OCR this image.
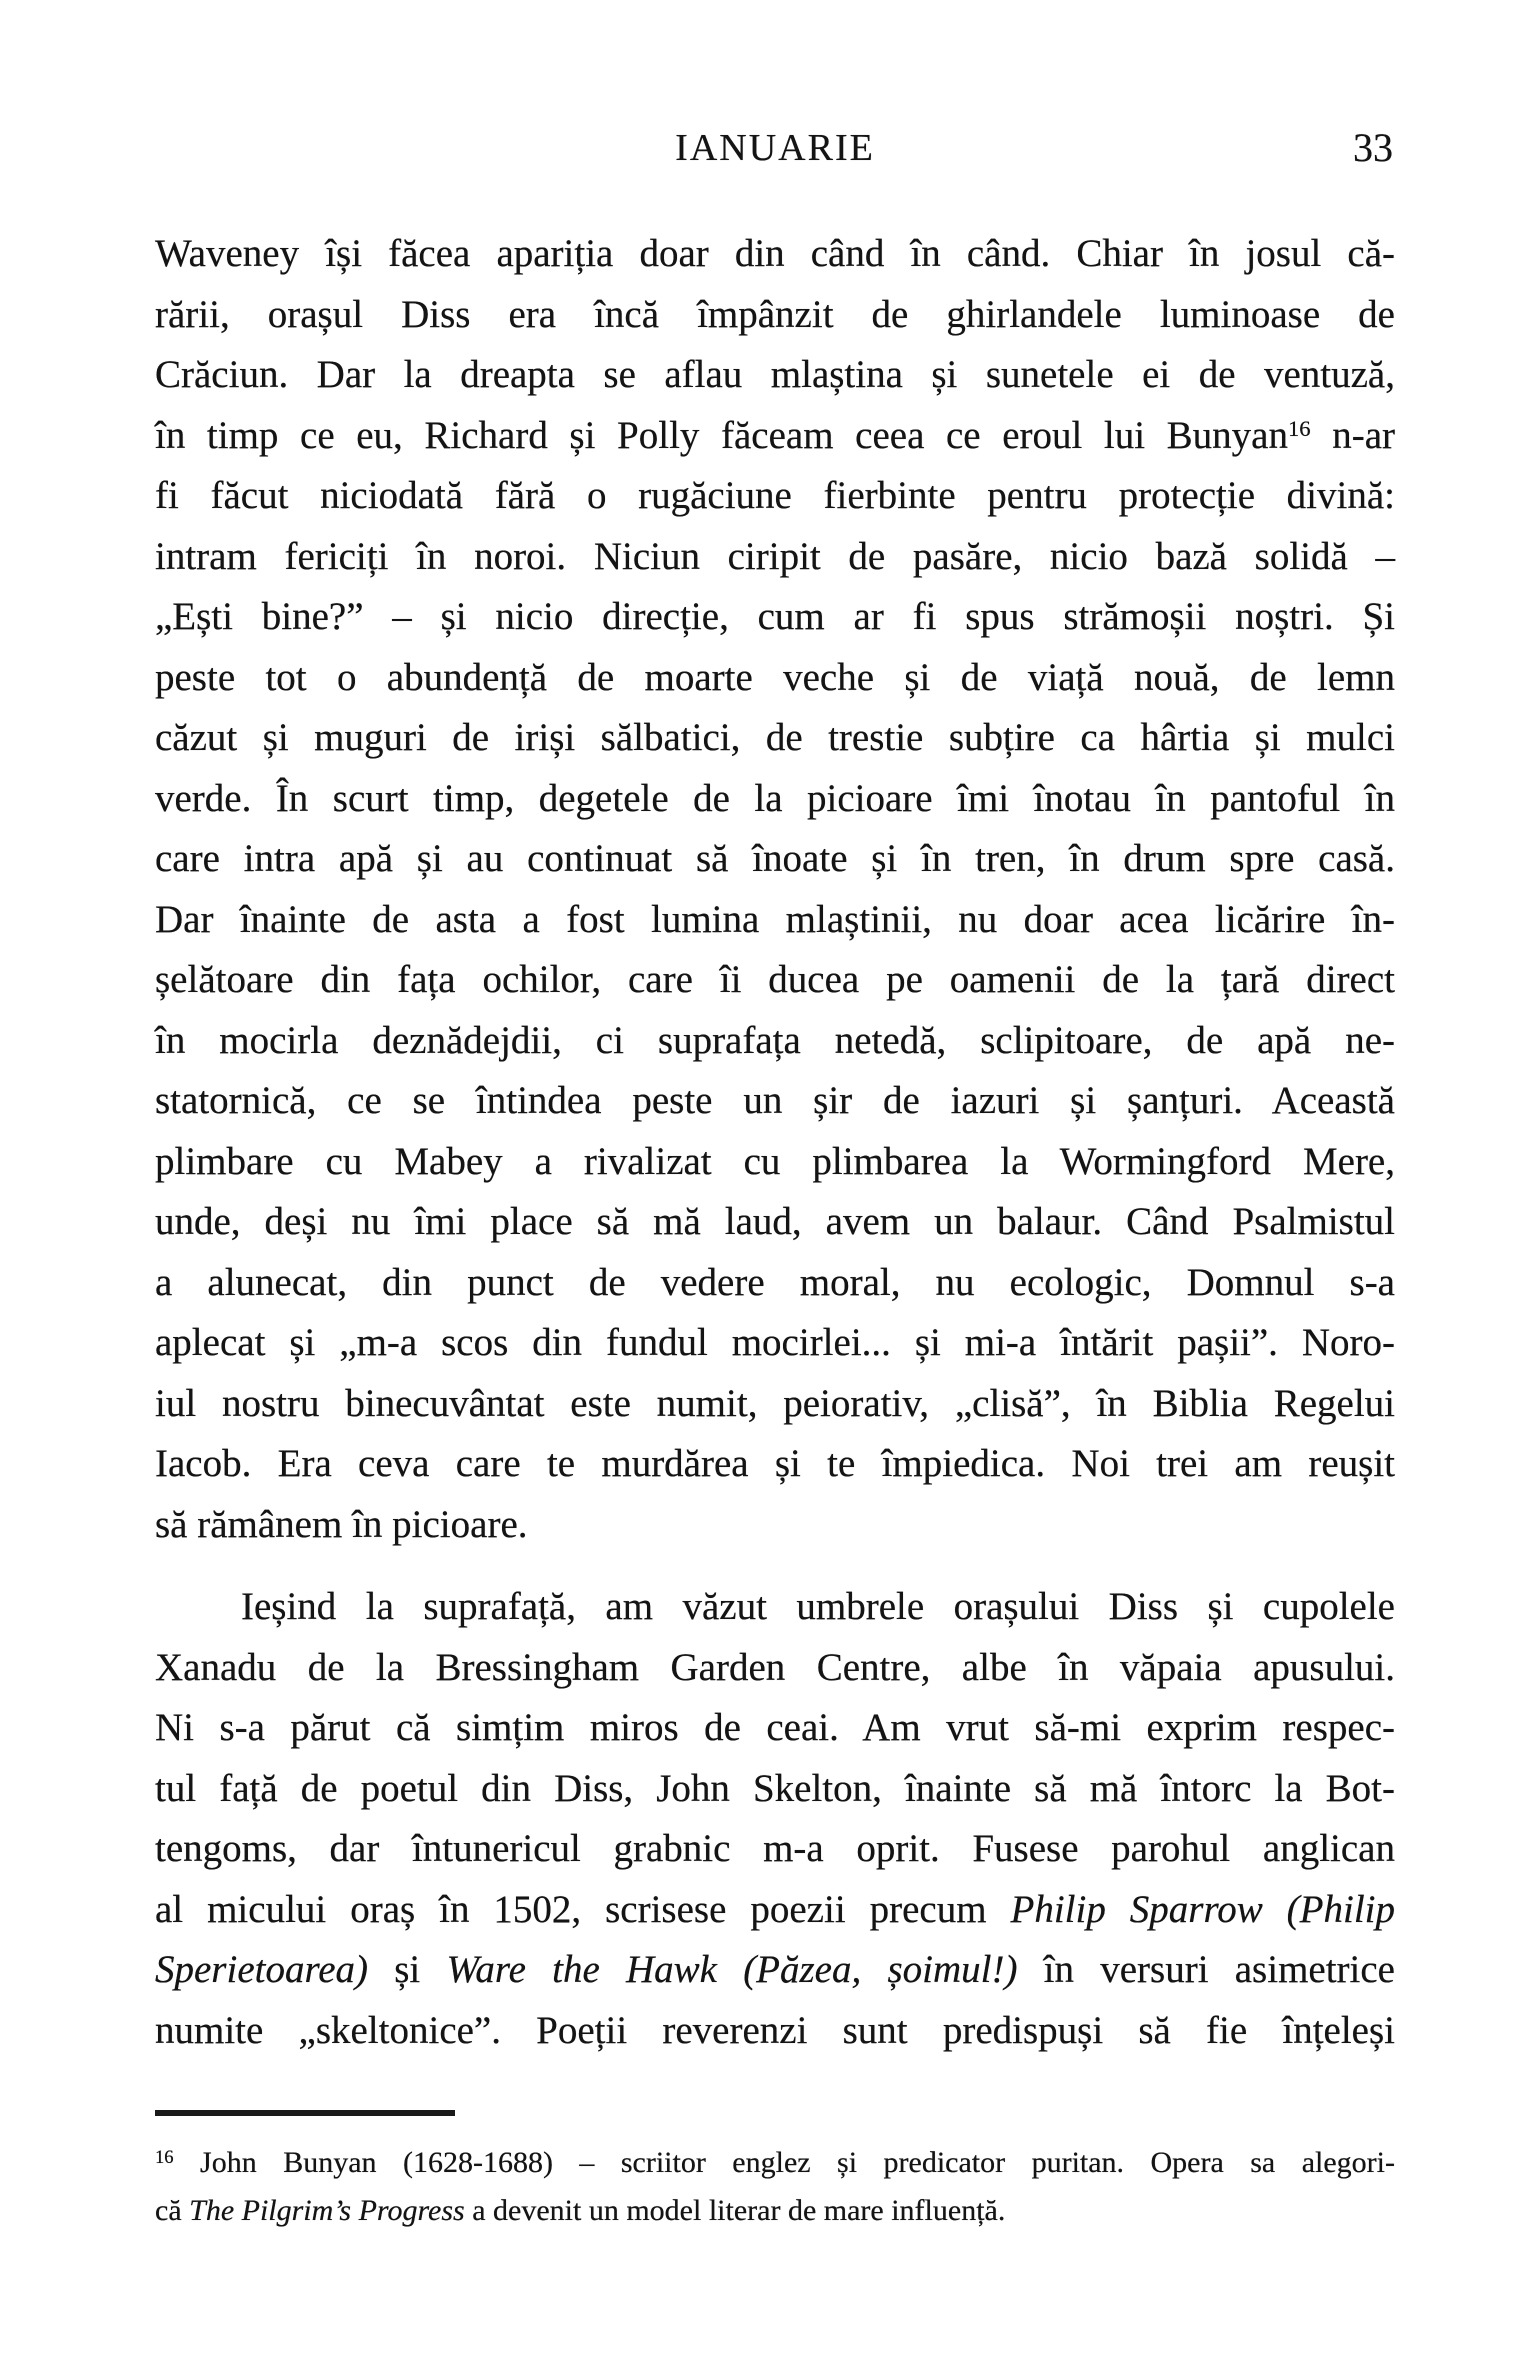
IANUARIE	33
Waveney își făcea apariția doar din când în când. Chiar în josul că-
rării, orașul Diss era încă împânzit de ghirlandele luminoase de
Crăciun. Dar la dreapta se aflau mlaștina și sunetele ei de ventuză,
în timp ce eu, Richard și Polly făceam ceea ce eroul lui Bunyan$^{16}$ n-ar
fi făcut niciodată fără o rugăciune fierbinte pentru protecție divină:
intram fericiți în noroi. Niciun ciripit de pasăre, nicio bază solidă –
„Ești bine?” – și nicio direcție, cum ar fi spus strămoșii noștri. Și
peste tot o abundență de moarte veche și de viață nouă, de lemn
căzut și muguri de iriși sălbatici, de trestie subțire ca hârtia și mulci
verde. În scurt timp, degetele de la picioare îmi înotau în pantoful în
care intra apă și au continuat să înoate și în tren, în drum spre casă.
Dar înainte de asta a fost lumina mlaștinii, nu doar acea licărire în-
șelătoare din fața ochilor, care îi ducea pe oamenii de la țară direct
în mocirla deznădejdii, ci suprafața netedă, sclipitoare, de apă ne-
statornică, ce se întindea peste un șir de iazuri și șanțuri. Această
plimbare cu Mabey a rivalizat cu plimbarea la Wormingford Mere,
unde, deși nu îmi place să mă laud, avem un balaur. Când Psalmistul
a alunecat, din punct de vedere moral, nu ecologic, Domnul s-a
aplecat și „m-a scos din fundul mocirlei... și mi-a întărit pașii”. Noro-
iul nostru binecuvântat este numit, peiorativ, „clisă”, în Biblia Regelui
Iacob. Era ceva care te murdărea și te împiedica. Noi trei am reușit
să rămânem în picioare.
Ieșind la suprafață, am văzut umbrele orașului Diss și cupolele
Xanadu de la Bressingham Garden Centre, albe în văpaia apusului.
Ni s-a părut că simțim miros de ceai. Am vrut să-mi exprim respec-
tul față de poetul din Diss, John Skelton, înainte să mă întorc la Bot-
tengoms, dar întunericul grabnic m-a oprit. Fusese parohul anglican
al micului oraș în 1502, scrisese poezii precum Philip Sparrow (Philip
Sperietoarea) și Ware the Hawk (Păzea, șoimul!) în versuri asimetrice
numite „skeltonice”. Poeții reverenzi sunt predispuși să fie înțeleși
$^{16}$ John Bunyan (1628-1688) – scriitor englez și predicator puritan. Opera sa alegori-
că The Pilgrim’s Progress a devenit un model literar de mare influență.
